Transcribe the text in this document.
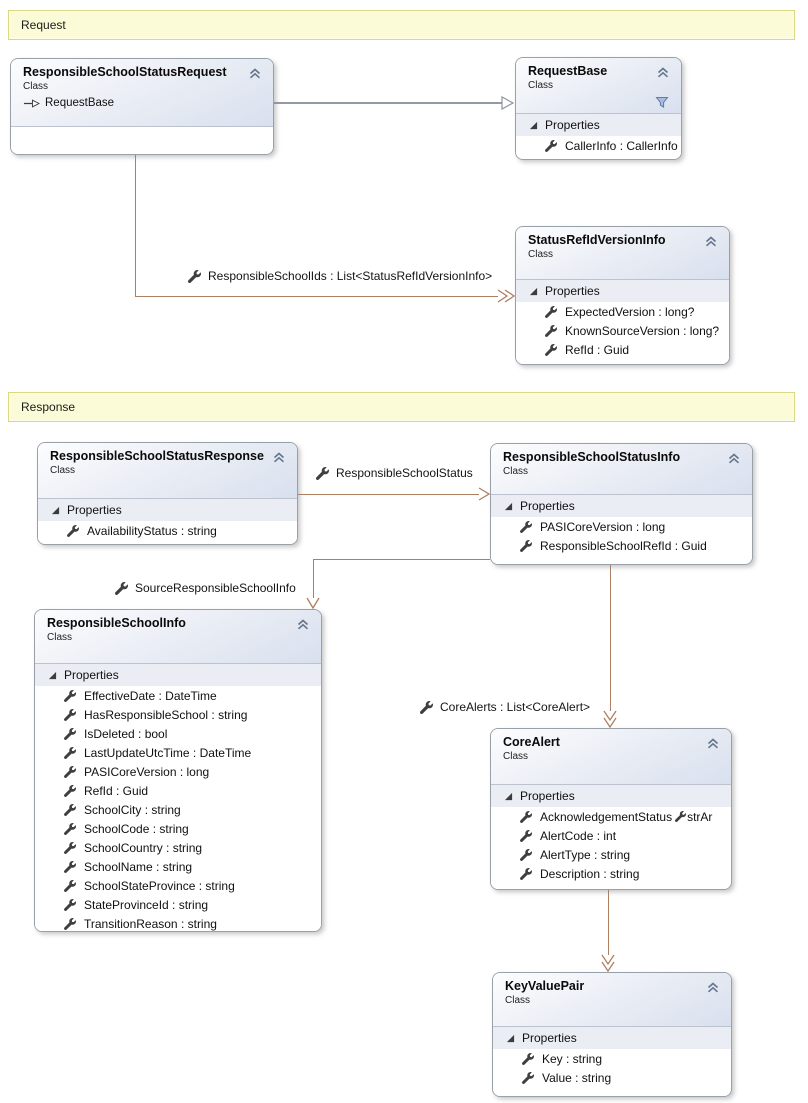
Request
Response
ResponsibleSchoolIds : List<StatusRefIdVersionInfo>
ResponsibleSchoolStatus
SourceResponsibleSchoolInfo
CoreAlerts : List<CoreAlert>
ResponsibleSchoolStatusRequest
Class
RequestBase
RequestBase
Class
Properties
CallerInfo : CallerInfo
StatusRefIdVersionInfo
Class
Properties
ExpectedVersion : long?
KnownSourceVersion : long?
RefId : Guid
ResponsibleSchoolStatusResponse
Class
Properties
AvailabilityStatus : string
ResponsibleSchoolStatusInfo
Class
Properties
PASICoreVersion : long
ResponsibleSchoolRefId : Guid
ResponsibleSchoolInfo
Class
Properties
EffectiveDate : DateTime
HasResponsibleSchool : string
IsDeleted : bool
LastUpdateUtcTime : DateTime
PASICoreVersion : long
RefId : Guid
SchoolCity : string
SchoolCode : string
SchoolCountry : string
SchoolName : string
SchoolStateProvince : string
StateProvinceId : string
TransitionReason : string
CoreAlert
Class
Properties
AcknowledgementStatus strAr
AlertCode : int
AlertType : string
Description : string
KeyValuePair
Class
Properties
Key : string
Value : string
